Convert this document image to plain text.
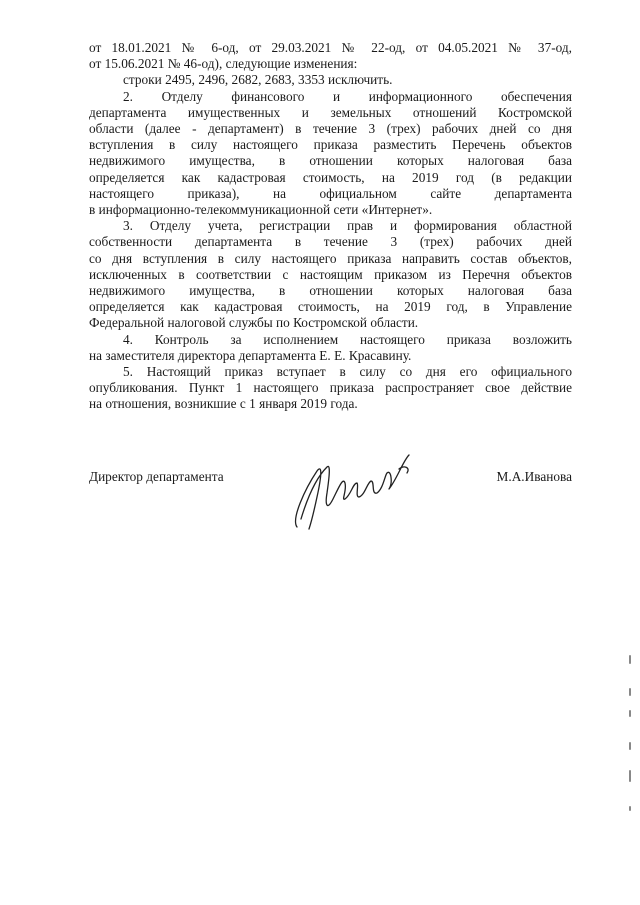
от 18.01.2021 № 6-од, от 29.03.2021 № 22-од, от 04.05.2021 № 37-од,
от 15.06.2021 № 46-од), следующие изменения:
строки 2495, 2496, 2682, 2683, 3353 исключить.
2. Отделу финансового и информационного обеспечения
департамента имущественных и земельных отношений Костромской
области (далее - департамент) в течение 3 (трех) рабочих дней со дня
вступления в силу настоящего приказа разместить Перечень объектов
недвижимого имущества, в отношении которых налоговая база
определяется как кадастровая стоимость, на 2019 год (в редакции
настоящего приказа), на официальном сайте департамента
в информационно-телекоммуникационной сети «Интернет».
3. Отделу учета, регистрации прав и формирования областной
собственности департамента в течение 3 (трех) рабочих дней
со дня вступления в силу настоящего приказа направить состав объектов,
исключенных в соответствии с настоящим приказом из Перечня объектов
недвижимого имущества, в отношении которых налоговая база
определяется как кадастровая стоимость, на 2019 год, в Управление
Федеральной налоговой службы по Костромской области.
4. Контроль за исполнением настоящего приказа возложить
на заместителя директора департамента Е. Е. Красавину.
5. Настоящий приказ вступает в силу со дня его официального
опубликования. Пункт 1 настоящего приказа распространяет свое действие
на отношения, возникшие с 1 января 2019 года.
Директор департамента	М.А.Иванова
